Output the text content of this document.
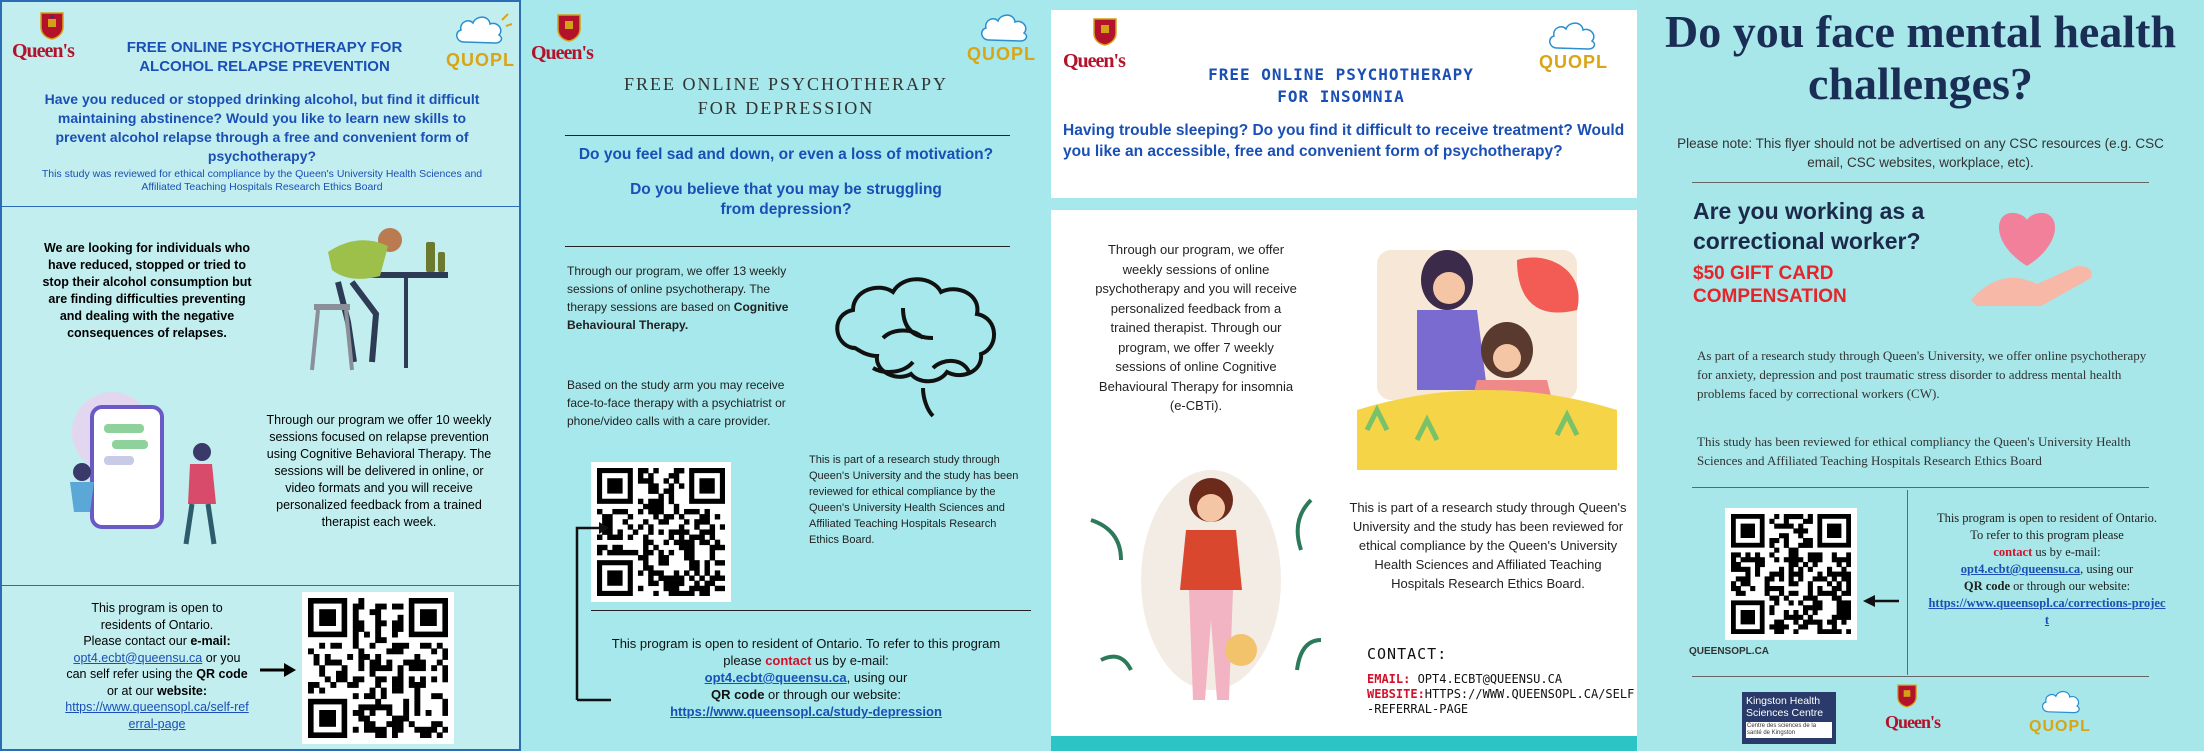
Queen's	QUOPL
FREE ONLINE PSYCHOTHERAPY FOR ALCOHOL RELAPSE PREVENTION
Have you reduced or stopped drinking alcohol, but find it difficult maintaining abstinence? Would you like to learn new skills to prevent alcohol relapse through a free and convenient form of psychotherapy?
This study was reviewed for ethical compliance by the Queen's University Health Sciences and Affiliated Teaching Hospitals Research Ethics Board
We are looking for individuals who have reduced, stopped or tried to stop their alcohol consumption but are finding difficulties preventing and dealing with the negative consequences of relapses.
Through our program we offer 10 weekly sessions focused on relapse prevention using Cognitive Behavioral Therapy. The sessions will be delivered in online, or video formats and you will receive personalized feedback from a trained therapist each week.
This program is open to
residents of Ontario.
Please contact our e-mail:
opt4.ecbt@queensu.ca or you
can self refer using the QR code
or at our website:
https://www.queensopl.ca/self-referral-page
Queen's	QUOPL
FREE ONLINE PSYCHOTHERAPY
FOR DEPRESSION
Do you feel sad and down, or even a loss of motivation?
Do you believe that you may be struggling from depression?
Through our program, we offer 13 weekly sessions of online psychotherapy. The therapy sessions are based on Cognitive Behavioural Therapy.
Based on the study arm you may receive face-to-face therapy with a psychiatrist or phone/video calls with a care provider.
This is part of a research study through Queen's University and the study has been reviewed for ethical compliance by the Queen's University Health Sciences and Affiliated Teaching Hospitals Research Ethics Board.
This program is open to resident of Ontario. To refer to this program please contact us by e-mail:
opt4.ecbt@queensu.ca, using our
QR code or through our website:
https://www.queensopl.ca/study-depression
Queen's	QUOPL
FREE ONLINE PSYCHOTHERAPY
FOR INSOMNIA
Having trouble sleeping? Do you find it difficult to receive treatment? Would you like an accessible, free and convenient form of psychotherapy?
Through our program, we offer weekly sessions of online psychotherapy and you will receive personalized feedback from a trained therapist. Through our program, we offer 7 weekly sessions of online Cognitive Behavioural Therapy for insomnia (e-CBTi).
This is part of a research study through Queen's University and the study has been reviewed for ethical compliance by the Queen's University Health Sciences and Affiliated Teaching Hospitals Research Ethics Board.
CONTACT:
EMAIL: OPT4.ECBT@QUEENSU.CA
WEBSITE:HTTPS://WWW.QUEENSOPL.CA/SELF-REFERRAL-PAGE
Do you face mental health challenges?
Please note: This flyer should not be advertised on any CSC resources (e.g. CSC email, CSC websites, workplace, etc).
Are you working as a correctional worker?
$50 GIFT CARD COMPENSATION
As part of a research study through Queen's University, we offer online psychotherapy for anxiety, depression and post traumatic stress disorder to address mental health problems faced by correctional workers (CW).
This study has been reviewed for ethical compliancy the Queen's University Health Sciences and Affiliated Teaching Hospitals Research Ethics Board
QUEENSOPL.CA
This program is open to resident of Ontario.
To refer to this program please
contact us by e-mail:
opt4.ecbt@queensu.ca, using our
QR code or through our website:
https://www.queensopl.ca/corrections-project
Kingston Health
Sciences Centre
Centre des sciences de la santé de Kingston
Queen's	QUOPL
